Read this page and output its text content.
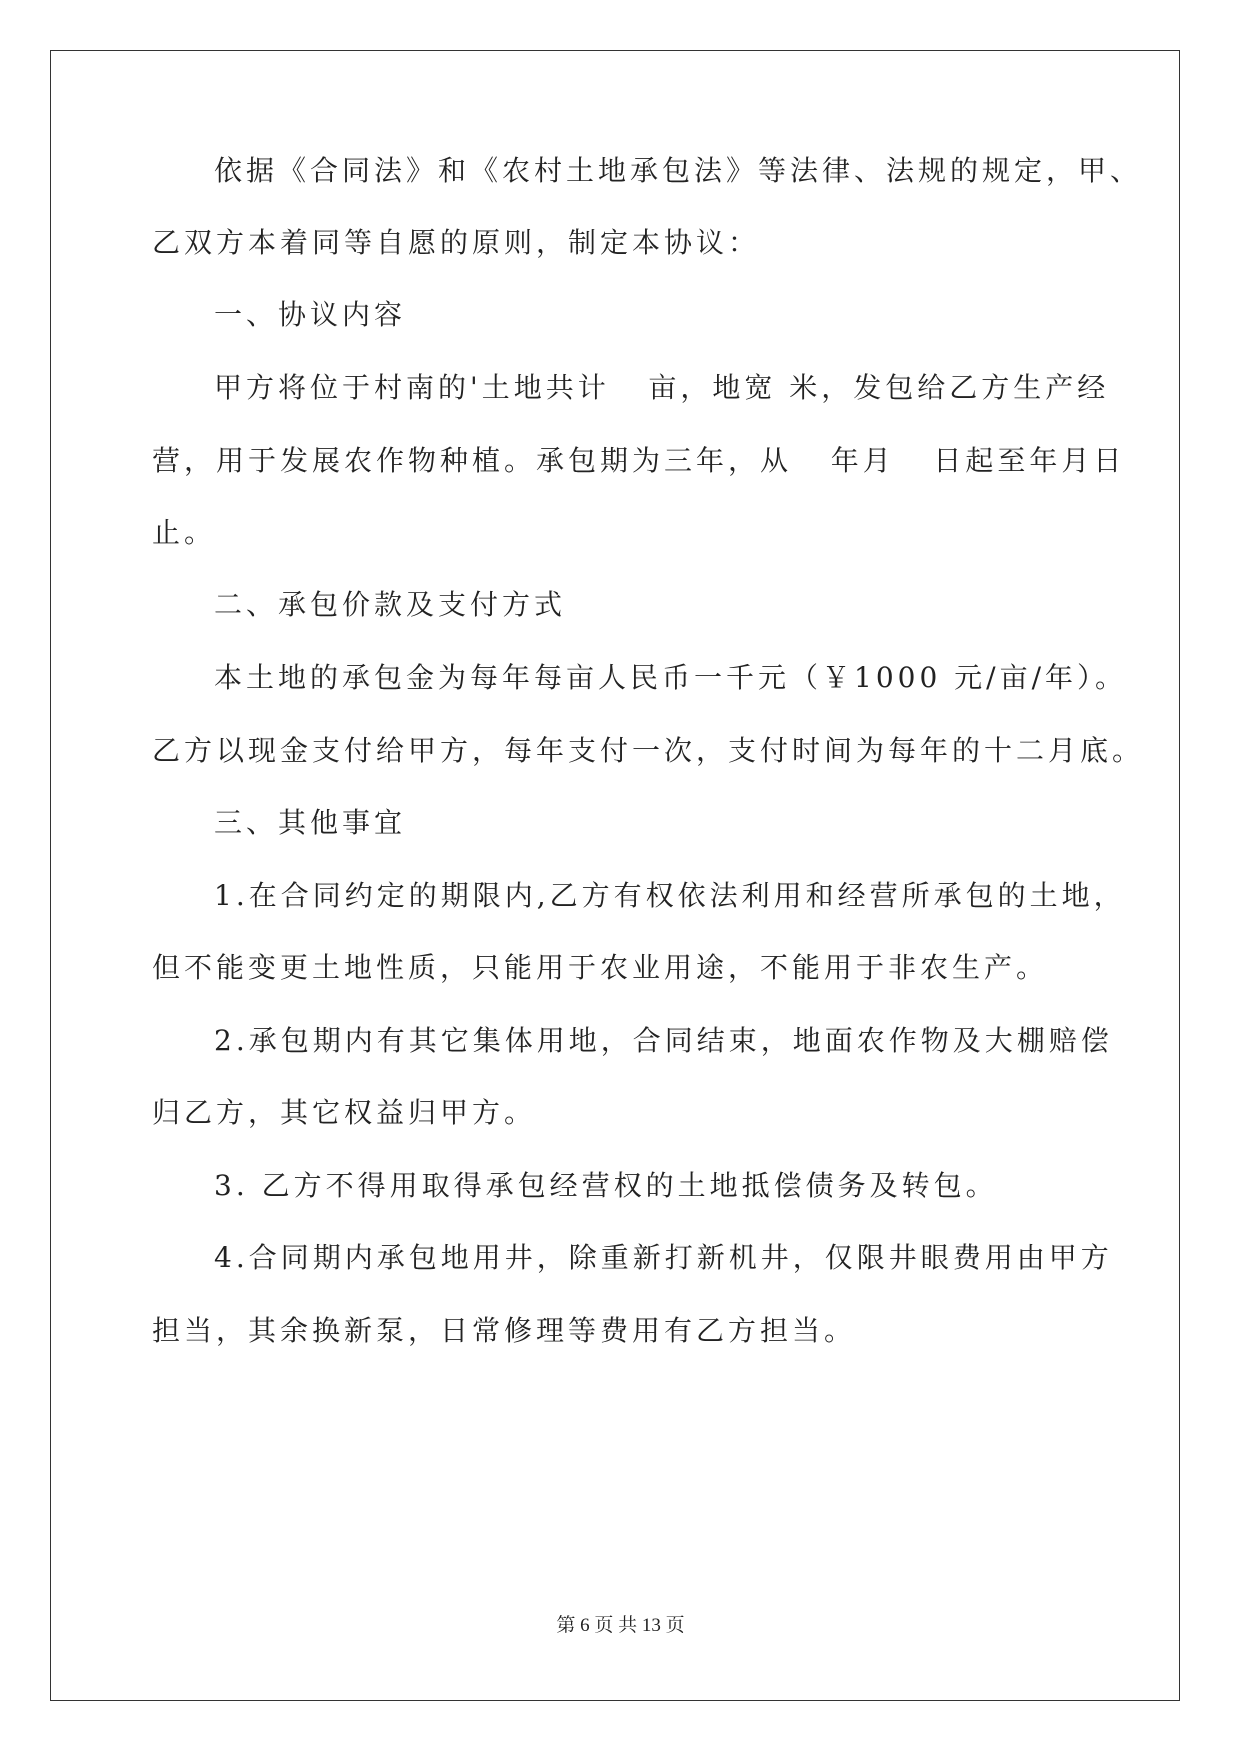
依据《合同法》和《农村土地承包法》等法律、法规的规定，甲、
乙双方本着同等自愿的原则，制定本协议：
一、协议内容
甲方将位于村南的'土地共计   亩，地宽 米，发包给乙方生产经
营，用于发展农作物种植。承包期为三年，从   年月   日起至年月日
止。
二、承包价款及支付方式
本土地的承包金为每年每亩人民币一千元（￥1000 元/亩/年）。
乙方以现金支付给甲方，每年支付一次，支付时间为每年的十二月底。
三、其他事宜
1.在合同约定的期限内,乙方有权依法利用和经营所承包的土地，
但不能变更土地性质，只能用于农业用途，不能用于非农生产。
2.承包期内有其它集体用地，合同结束，地面农作物及大棚赔偿
归乙方，其它权益归甲方。
3. 乙方不得用取得承包经营权的土地抵偿债务及转包。
4.合同期内承包地用井，除重新打新机井，仅限井眼费用由甲方
担当，其余换新泵，日常修理等费用有乙方担当。
第 6 页 共 13 页
